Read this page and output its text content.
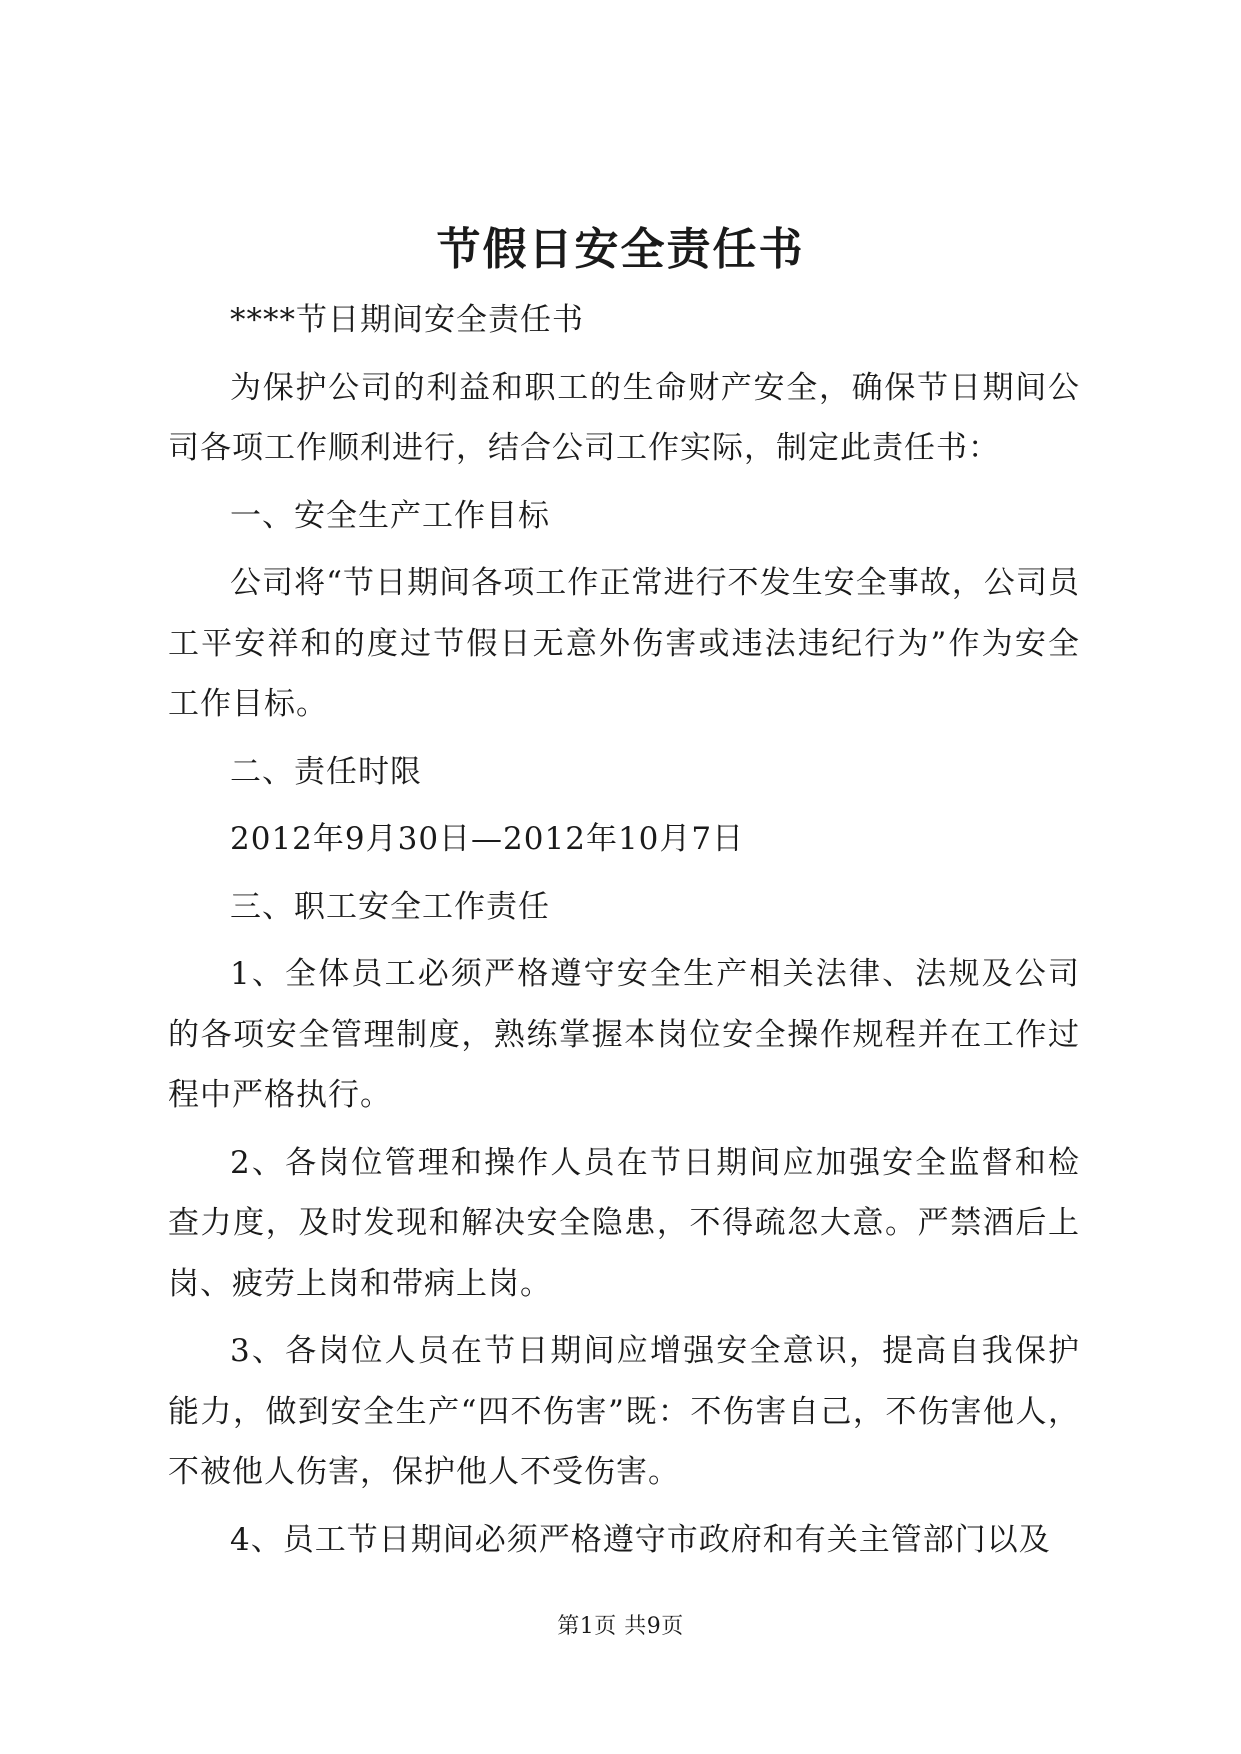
节假日安全责任书

****节日期间安全责任书

为保护公司的利益和职工的生命财产安全，确保节日期间公司各项工作顺利进行，结合公司工作实际，制定此责任书：

一、安全生产工作目标

公司将“节日期间各项工作正常进行不发生安全事故，公司员工平安祥和的度过节假日无意外伤害或违法违纪行为”作为安全工作目标。

二、责任时限

2012年9月30日—2012年10月7日

三、职工安全工作责任

1、全体员工必须严格遵守安全生产相关法律、法规及公司的各项安全管理制度，熟练掌握本岗位安全操作规程并在工作过程中严格执行。

2、各岗位管理和操作人员在节日期间应加强安全监督和检查力度，及时发现和解决安全隐患，不得疏忽大意。严禁酒后上岗、疲劳上岗和带病上岗。

3、各岗位人员在节日期间应增强安全意识，提高自我保护能力，做到安全生产“四不伤害”既：不伤害自己，不伤害他人，不被他人伤害，保护他人不受伤害。

4、员工节日期间必须严格遵守市政府和有关主管部门以及

第1页 共9页
